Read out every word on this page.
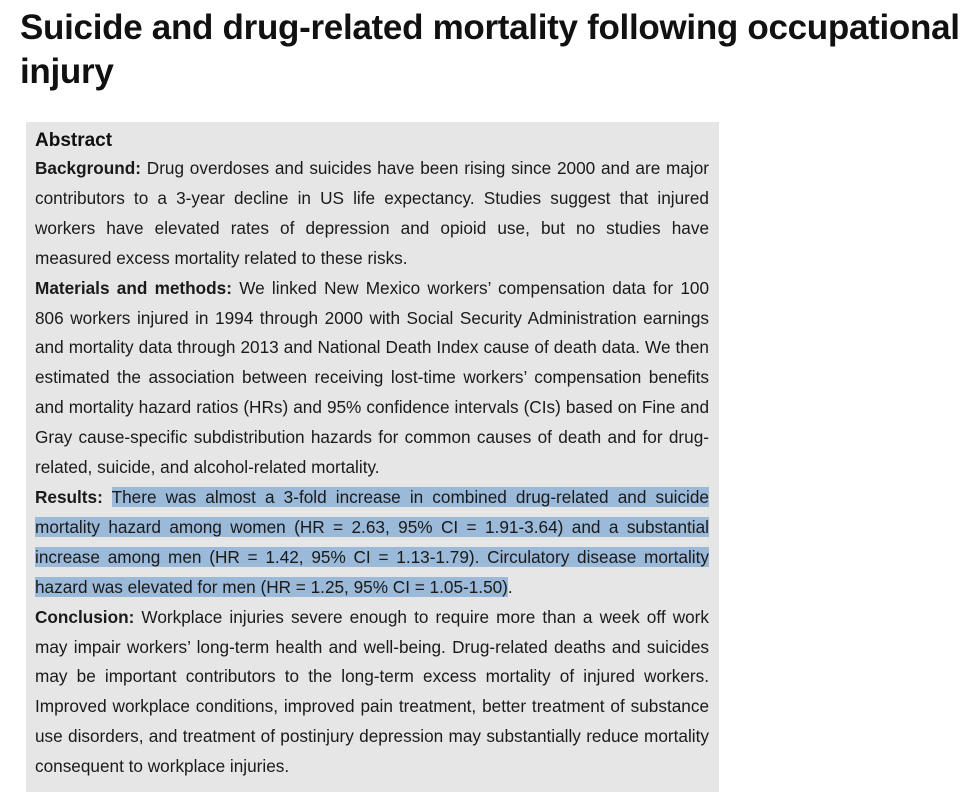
Suicide and drug-related mortality following occupational injury
Abstract

Background: Drug overdoses and suicides have been rising since 2000 and are major contributors to a 3-year decline in US life expectancy. Studies suggest that injured workers have elevated rates of depression and opioid use, but no studies have measured excess mortality related to these risks.

Materials and methods: We linked New Mexico workers’ compensation data for 100 806 workers injured in 1994 through 2000 with Social Security Administration earnings and mortality data through 2013 and National Death Index cause of death data. We then estimated the association between receiving lost-time workers’ compensation benefits and mortality hazard ratios (HRs) and 95% confidence intervals (CIs) based on Fine and Gray cause-specific subdistribution hazards for common causes of death and for drug-related, suicide, and alcohol-related mortality.

Results: There was almost a 3-fold increase in combined drug-related and suicide mortality hazard among women (HR = 2.63, 95% CI = 1.91-3.64) and a substantial increase among men (HR = 1.42, 95% CI = 1.13-1.79). Circulatory disease mortality hazard was elevated for men (HR = 1.25, 95% CI = 1.05-1.50).

Conclusion: Workplace injuries severe enough to require more than a week off work may impair workers’ long-term health and well-being. Drug-related deaths and suicides may be important contributors to the long-term excess mortality of injured workers. Improved workplace conditions, improved pain treatment, better treatment of substance use disorders, and treatment of postinjury depression may substantially reduce mortality consequent to workplace injuries.
